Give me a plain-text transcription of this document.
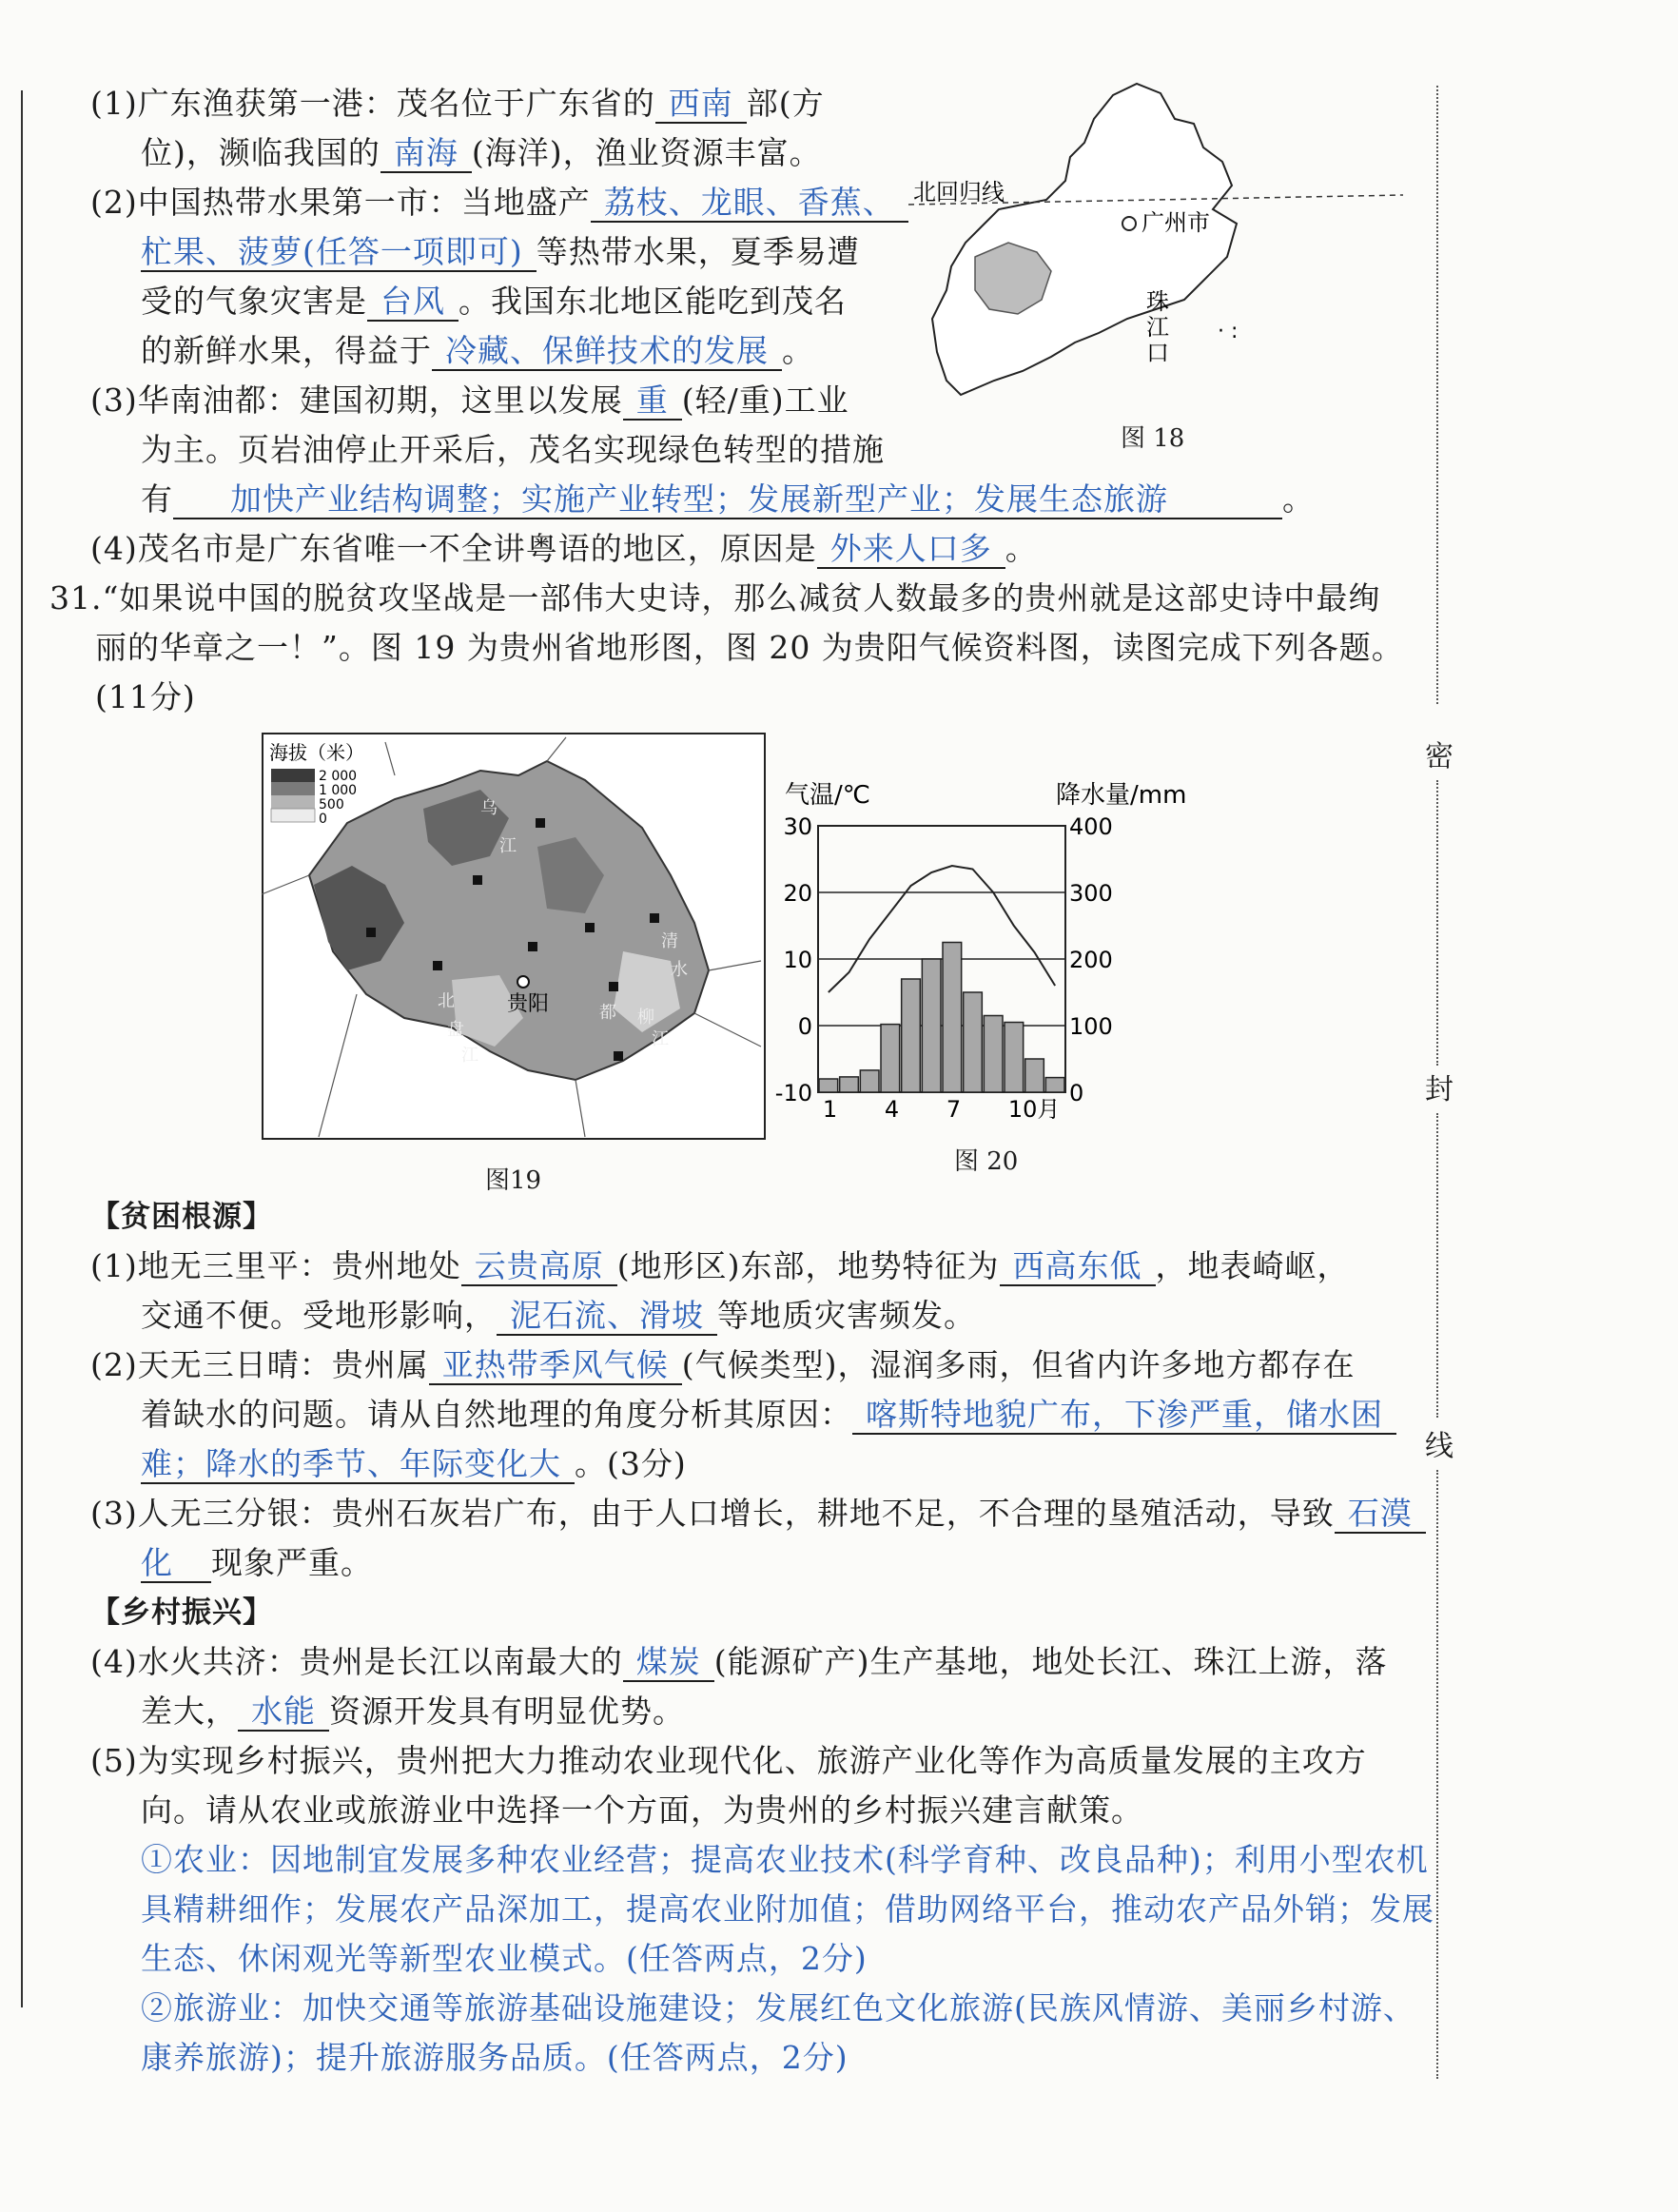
(1)广东渔获第一港：茂名位于广东省的 西南 部(方
位)，濒临我国的 南海 (海洋)，渔业资源丰富。
(2)中国热带水果第一市：当地盛产 荔枝、龙眼、香蕉、
杧果、菠萝(任答一项即可) 等热带水果，夏季易遭
受的气象灾害是 台风 。我国东北地区能吃到茂名
的新鲜水果，得益于 冷藏、保鲜技术的发展 。
(3)华南油都：建国初期，这里以发展 重 (轻/重)工业
为主。页岩油停止开采后，茂名实现绿色转型的措施
有 加快产业结构调整；实施产业转型；发展新型产业；发展生态旅游	。
(4)茂名市是广东省唯一不全讲粤语的地区，原因是 外来人口多 。
北回归线
广州市
珠
江
口
· :
图 18
31.“如果说中国的脱贫攻坚战是一部伟大史诗，那么减贫人数最多的贵州就是这部史诗中最绚
丽的华章之一！”。图 19 为贵州省地形图，图 20 为贵阳气候资料图，读图完成下列各题。
(11分)
海拔（米）
2 000
1 000
500
0
贵阳
乌
江
北
盘
江
清
水
都 柳
江
图19
气温/℃	降水量/mm
30
20
10
0
-10
400
300
200
100
0
1 4 7 10月
图 20
【贫困根源】
(1)地无三里平：贵州地处 云贵高原 (地形区)东部，地势特征为 西高东低 ，地表崎岖，
交通不便。受地形影响， 泥石流、滑坡 等地质灾害频发。
(2)天无三日晴：贵州属 亚热带季风气候 (气候类型)，湿润多雨，但省内许多地方都存在
着缺水的问题。请从自然地理的角度分析其原因： 喀斯特地貌广布，下渗严重，储水困
难；降水的季节、年际变化大 。(3分)
(3)人无三分银：贵州石灰岩广布，由于人口增长，耕地不足，不合理的垦殖活动，导致 石漠
化 现象严重。
【乡村振兴】
(4)水火共济：贵州是长江以南最大的 煤炭 (能源矿产)生产基地，地处长江、珠江上游，落
差大， 水能 资源开发具有明显优势。
(5)为实现乡村振兴，贵州把大力推动农业现代化、旅游产业化等作为高质量发展的主攻方
向。请从农业或旅游业中选择一个方面，为贵州的乡村振兴建言献策。
①农业：因地制宜发展多种农业经营；提高农业技术(科学育种、改良品种)；利用小型农机
具精耕细作；发展农产品深加工，提高农业附加值；借助网络平台，推动农产品外销；发展
生态、休闲观光等新型农业模式。(任答两点，2分)
②旅游业：加快交通等旅游基础设施建设；发展红色文化旅游(民族风情游、美丽乡村游、
康养旅游)；提升旅游服务品质。(任答两点，2分)
密
封
线
